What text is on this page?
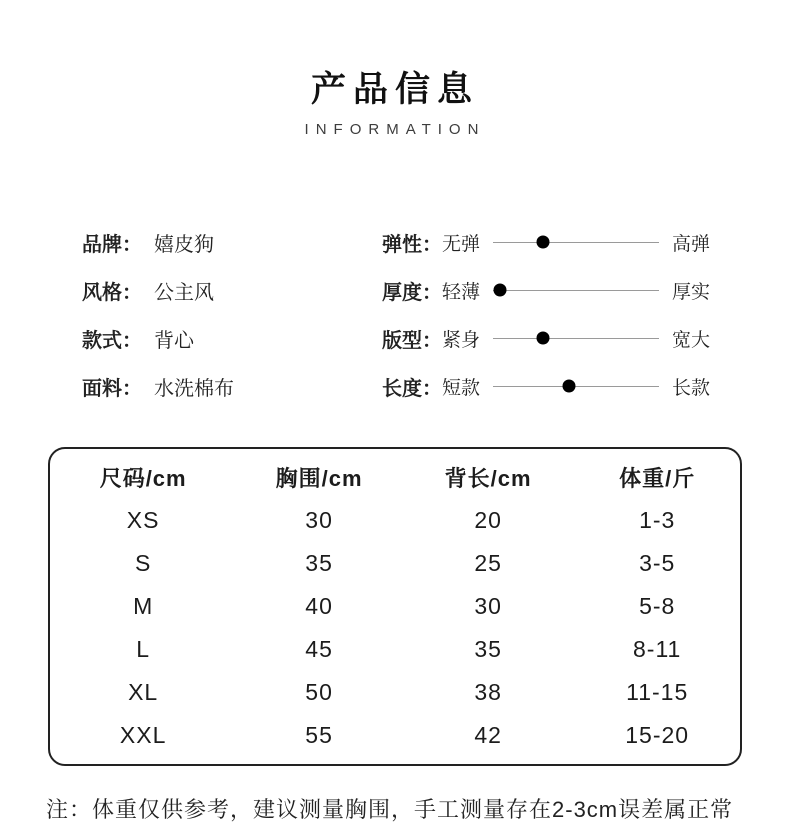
产品信息
INFORMATION
品牌： 嬉皮狗
风格： 公主风
款式： 背心
面料： 水洗棉布
弹性： 无弹	高弹
厚度： 轻薄	厚实
版型： 紧身	宽大
长度： 短款	长款
尺码/cm	胸围/cm	背长/cm	体重/斤
XS	30	20	1-3
S	35	25	3-5
M	40	30	5-8
L	45	35	8-11
XL	50	38	11-15
XXL	55	42	15-20
注：体重仅供参考，建议测量胸围，手工测量存在2-3cm误差属正常
